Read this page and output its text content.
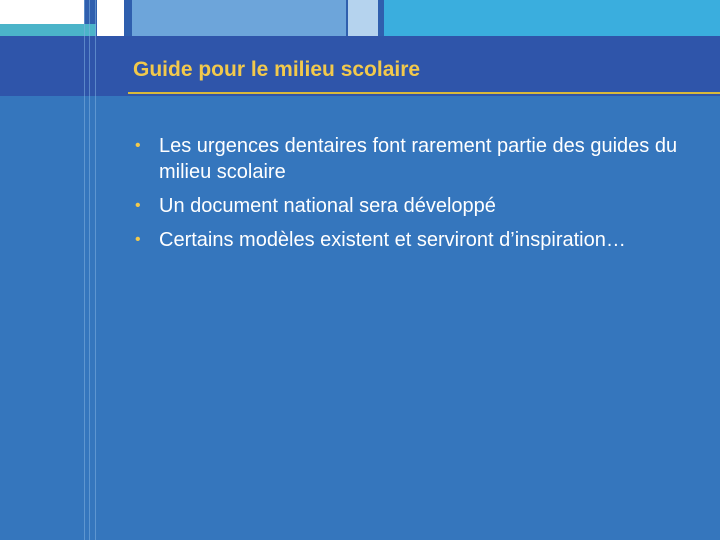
Guide pour le milieu scolaire
• Les urgences dentaires font rarement partie des guides du milieu scolaire
• Un document national sera développé
• Certains modèles existent et serviront d’inspiration…
